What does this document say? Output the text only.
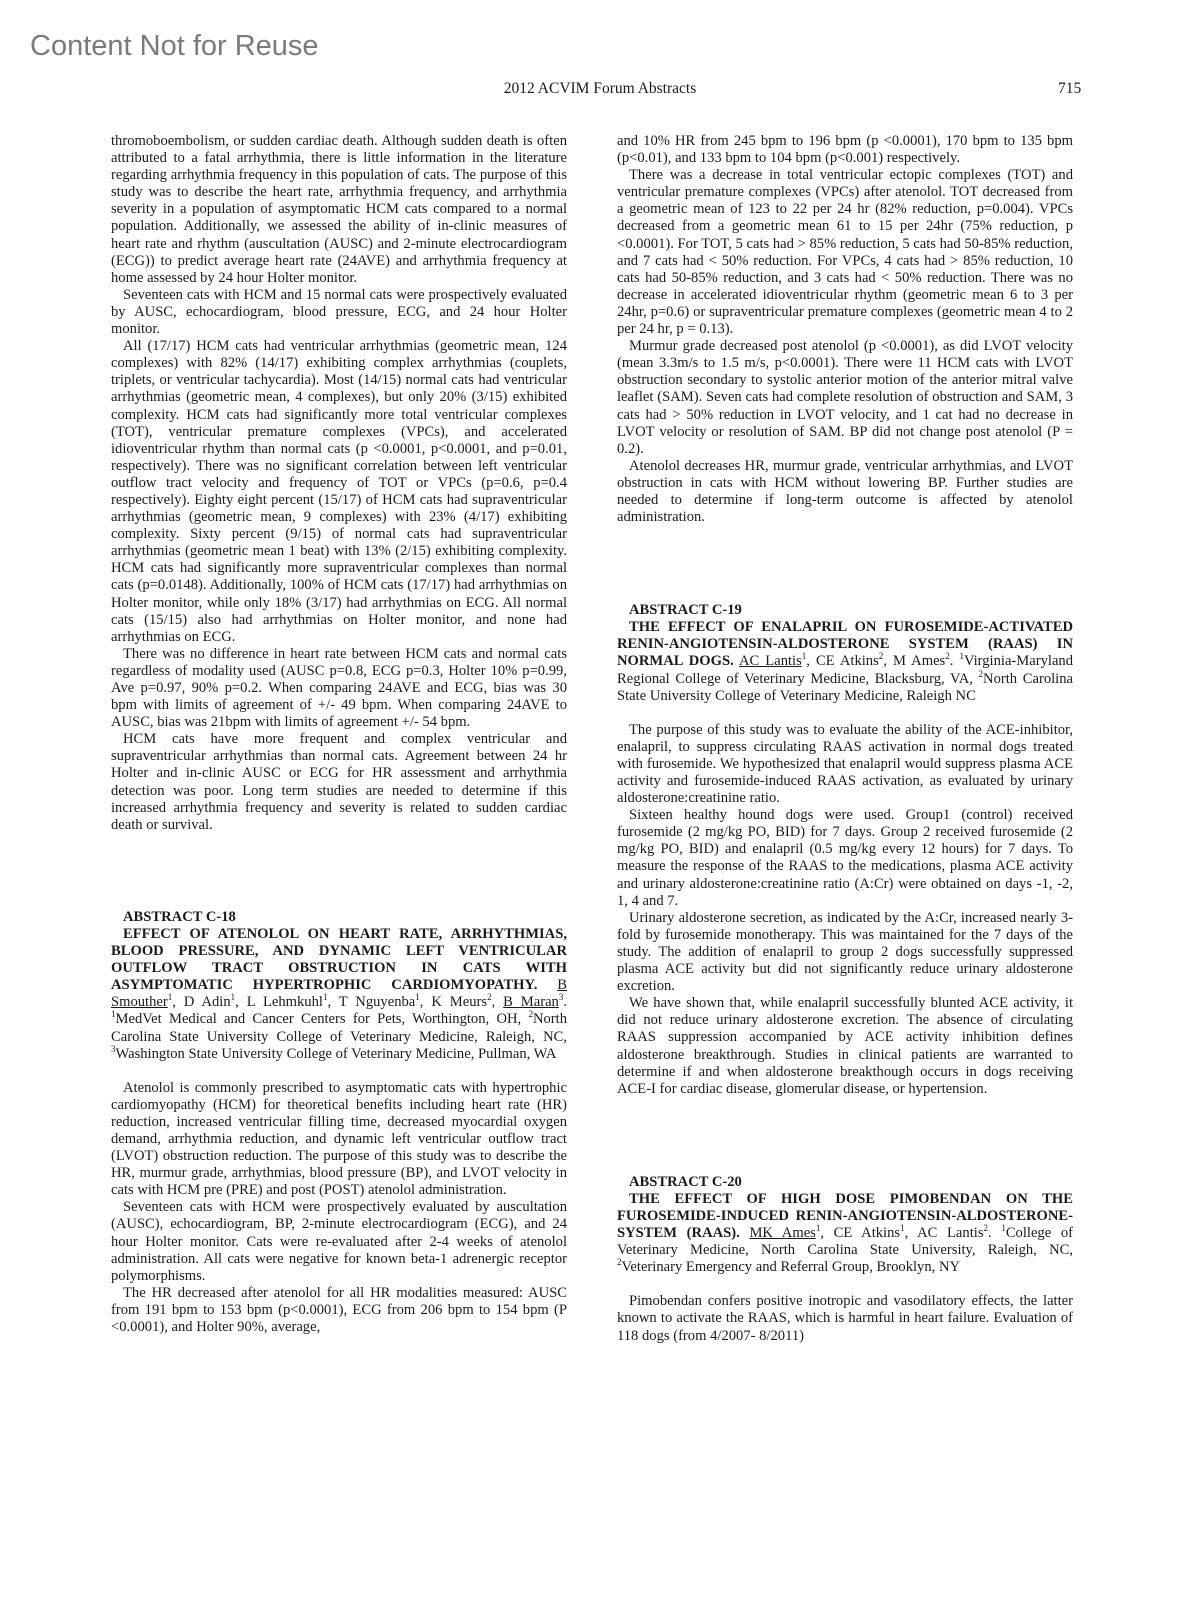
Content Not for Reuse
2012 ACVIM Forum Abstracts	715

thromoboembolism, or sudden cardiac death. Although sudden death is often attributed to a fatal arrhythmia, there is little information in the literature regarding arrhythmia frequency in this population of cats. The purpose of this study was to describe the heart rate, arrhythmia frequency, and arrhythmia severity in a population of asymptomatic HCM cats compared to a normal population. Additionally, we assessed the ability of in-clinic measures of heart rate and rhythm (auscultation (AUSC) and 2-minute electrocardiogram (ECG)) to predict average heart rate (24AVE) and arrhythmia frequency at home assessed by 24 hour Holter monitor.

Seventeen cats with HCM and 15 normal cats were prospectively evaluated by AUSC, echocardiogram, blood pressure, ECG, and 24 hour Holter monitor.

All (17/17) HCM cats had ventricular arrhythmias (geometric mean, 124 complexes) with 82% (14/17) exhibiting complex arrhythmias (couplets, triplets, or ventricular tachycardia). Most (14/15) normal cats had ventricular arrhythmias (geometric mean, 4 complexes), but only 20% (3/15) exhibited complexity. HCM cats had significantly more total ventricular complexes (TOT), ventricular premature complexes (VPCs), and accelerated idioventricular rhythm than normal cats (p <0.0001, p<0.0001, and p=0.01, respectively). There was no significant correlation between left ventricular outflow tract velocity and frequency of TOT or VPCs (p=0.6, p=0.4 respectively). Eighty eight percent (15/17) of HCM cats had supraventricular arrhythmias (geometric mean, 9 complexes) with 23% (4/17) exhibiting complexity. Sixty percent (9/15) of normal cats had supraventricular arrhythmias (geometric mean 1 beat) with 13% (2/15) exhibiting complexity. HCM cats had significantly more supraventricular complexes than normal cats (p=0.0148). Additionally, 100% of HCM cats (17/17) had arrhythmias on Holter monitor, while only 18% (3/17) had arrhythmias on ECG. All normal cats (15/15) also had arrhythmias on Holter monitor, and none had arrhythmias on ECG.

There was no difference in heart rate between HCM cats and normal cats regardless of modality used (AUSC p=0.8, ECG p=0.3, Holter 10% p=0.99, Ave p=0.97, 90% p=0.2. When comparing 24AVE and ECG, bias was 30 bpm with limits of agreement of +/- 49 bpm. When comparing 24AVE to AUSC, bias was 21bpm with limits of agreement +/- 54 bpm.

HCM cats have more frequent and complex ventricular and supraventricular arrhythmias than normal cats. Agreement between 24 hr Holter and in-clinic AUSC or ECG for HR assessment and arrhythmia detection was poor. Long term studies are needed to determine if this increased arrhythmia frequency and severity is related to sudden cardiac death or survival.

ABSTRACT C-18

EFFECT OF ATENOLOL ON HEART RATE, ARRHYTHMIAS, BLOOD PRESSURE, AND DYNAMIC LEFT VENTRICULAR OUTFLOW TRACT OBSTRUCTION IN CATS WITH ASYMPTOMATIC HYPERTROPHIC CARDIOMYOPATHY. B Smouther$^1$, D Adin$^1$, L Lehmkuhl$^1$, T Nguyenba$^1$, K Meurs$^2$, B Maran$^3$. $^1$MedVet Medical and Cancer Centers for Pets, Worthington, OH, $^2$North Carolina State University College of Veterinary Medicine, Raleigh, NC, $^3$Washington State University College of Veterinary Medicine, Pullman, WA

Atenolol is commonly prescribed to asymptomatic cats with hypertrophic cardiomyopathy (HCM) for theoretical benefits including heart rate (HR) reduction, increased ventricular filling time, decreased myocardial oxygen demand, arrhythmia reduction, and dynamic left ventricular outflow tract (LVOT) obstruction reduction. The purpose of this study was to describe the HR, murmur grade, arrhythmias, blood pressure (BP), and LVOT velocity in cats with HCM pre (PRE) and post (POST) atenolol administration.

Seventeen cats with HCM were prospectively evaluated by auscultation (AUSC), echocardiogram, BP, 2-minute electrocardiogram (ECG), and 24 hour Holter monitor. Cats were re-evaluated after 2-4 weeks of atenolol administration. All cats were negative for known beta-1 adrenergic receptor polymorphisms.

The HR decreased after atenolol for all HR modalities measured: AUSC from 191 bpm to 153 bpm (p<0.0001), ECG from 206 bpm to 154 bpm (P <0.0001), and Holter 90%, average,

and 10% HR from 245 bpm to 196 bpm (p <0.0001), 170 bpm to 135 bpm (p<0.01), and 133 bpm to 104 bpm (p<0.001) respectively.

There was a decrease in total ventricular ectopic complexes (TOT) and ventricular premature complexes (VPCs) after atenolol. TOT decreased from a geometric mean of 123 to 22 per 24 hr (82% reduction, p=0.004). VPCs decreased from a geometric mean 61 to 15 per 24hr (75% reduction, p <0.0001). For TOT, 5 cats had > 85% reduction, 5 cats had 50-85% reduction, and 7 cats had < 50% reduction. For VPCs, 4 cats had > 85% reduction, 10 cats had 50-85% reduction, and 3 cats had < 50% reduction. There was no decrease in accelerated idioventricular rhythm (geometric mean 6 to 3 per 24hr, p=0.6) or supraventricular premature complexes (geometric mean 4 to 2 per 24 hr, p = 0.13).

Murmur grade decreased post atenolol (p <0.0001), as did LVOT velocity (mean 3.3m/s to 1.5 m/s, p<0.0001). There were 11 HCM cats with LVOT obstruction secondary to systolic anterior motion of the anterior mitral valve leaflet (SAM). Seven cats had complete resolution of obstruction and SAM, 3 cats had > 50% reduction in LVOT velocity, and 1 cat had no decrease in LVOT velocity or resolution of SAM. BP did not change post atenolol (P = 0.2).

Atenolol decreases HR, murmur grade, ventricular arrhythmias, and LVOT obstruction in cats with HCM without lowering BP. Further studies are needed to determine if long-term outcome is affected by atenolol administration.

ABSTRACT C-19

THE EFFECT OF ENALAPRIL ON FUROSEMIDE-ACTIVATED RENIN-ANGIOTENSIN-ALDOSTERONE SYSTEM (RAAS) IN NORMAL DOGS. AC Lantis$^1$, CE Atkins$^2$, M Ames$^2$. $^1$Virginia-Maryland Regional College of Veterinary Medicine, Blacksburg, VA, $^2$North Carolina State University College of Veterinary Medicine, Raleigh NC

The purpose of this study was to evaluate the ability of the ACE-inhibitor, enalapril, to suppress circulating RAAS activation in normal dogs treated with furosemide. We hypothesized that enalapril would suppress plasma ACE activity and furosemide-induced RAAS activation, as evaluated by urinary aldosterone:creatinine ratio.

Sixteen healthy hound dogs were used. Group1 (control) received furosemide (2 mg/kg PO, BID) for 7 days. Group 2 received furosemide (2 mg/kg PO, BID) and enalapril (0.5 mg/kg every 12 hours) for 7 days. To measure the response of the RAAS to the medications, plasma ACE activity and urinary aldosterone:creatinine ratio (A:Cr) were obtained on days -1, -2, 1, 4 and 7.

Urinary aldosterone secretion, as indicated by the A:Cr, increased nearly 3-fold by furosemide monotherapy. This was maintained for the 7 days of the study. The addition of enalapril to group 2 dogs successfully suppressed plasma ACE activity but did not significantly reduce urinary aldosterone excretion.

We have shown that, while enalapril successfully blunted ACE activity, it did not reduce urinary aldosterone excretion. The absence of circulating RAAS suppression accompanied by ACE activity inhibition defines aldosterone breakthrough. Studies in clinical patients are warranted to determine if and when aldosterone breakthough occurs in dogs receiving ACE-I for cardiac disease, glomerular disease, or hypertension.

ABSTRACT C-20

THE EFFECT OF HIGH DOSE PIMOBENDAN ON THE FUROSEMIDE-INDUCED RENIN-ANGIOTENSIN-ALDOSTERONE-SYSTEM (RAAS). MK Ames$^1$, CE Atkins$^1$, AC Lantis$^2$. $^1$College of Veterinary Medicine, North Carolina State University, Raleigh, NC, $^2$Veterinary Emergency and Referral Group, Brooklyn, NY

Pimobendan confers positive inotropic and vasodilatory effects, the latter known to activate the RAAS, which is harmful in heart failure. Evaluation of 118 dogs (from 4/2007- 8/2011)
